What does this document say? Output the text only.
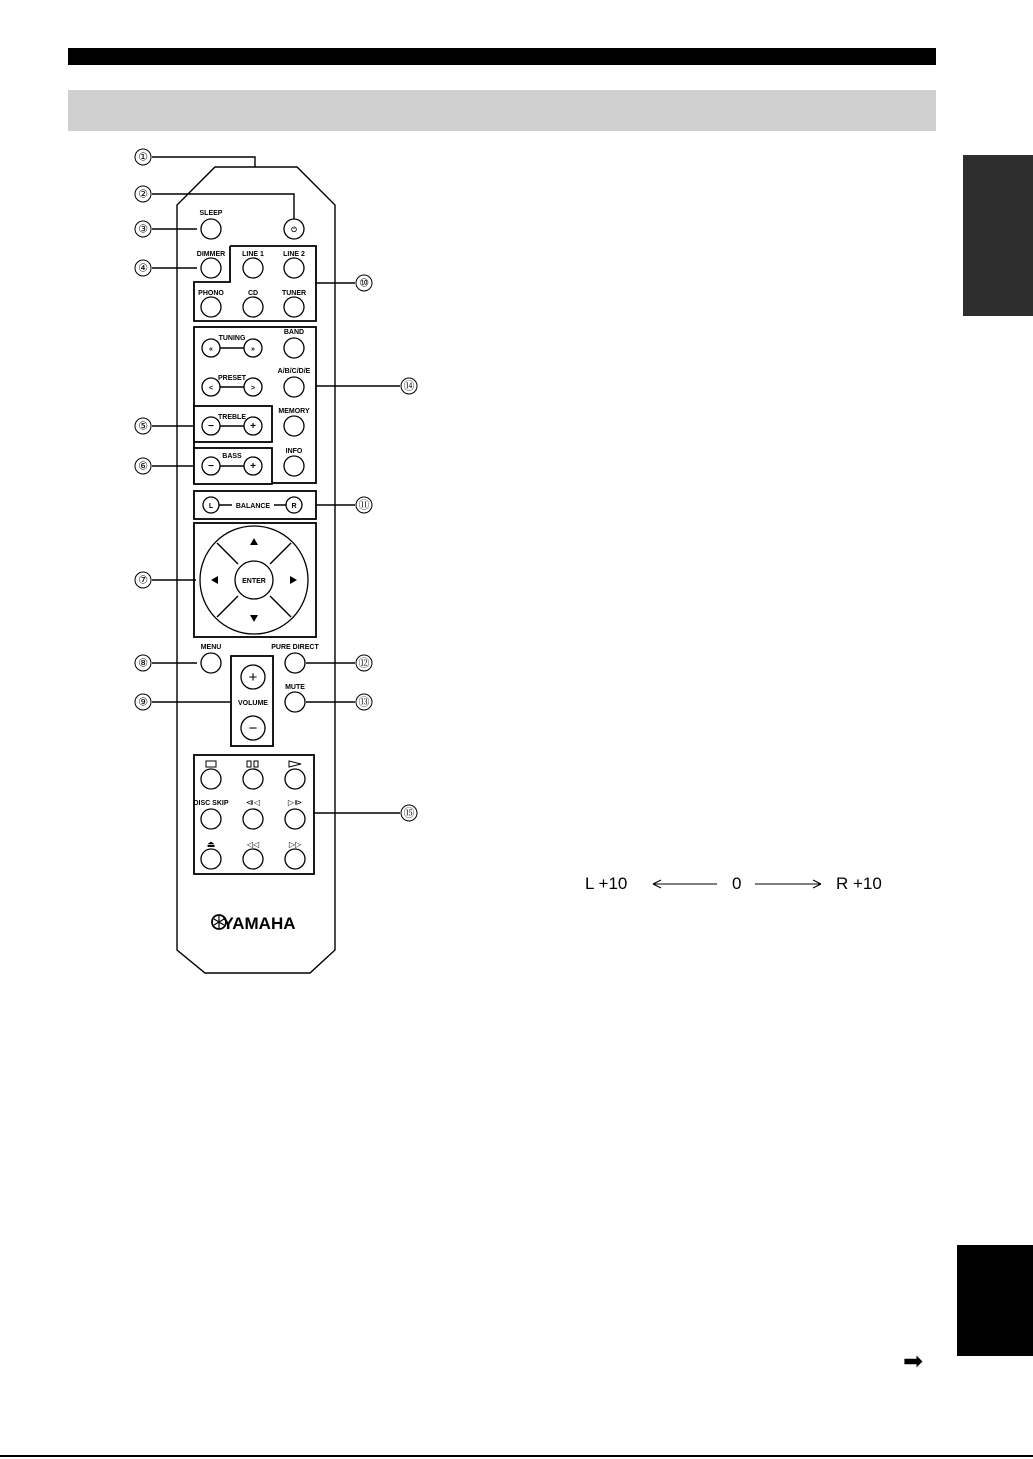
➡
①
②
③
④
⑤
⑥
⑦
⑧
⑨
⑩
⑪
⑫
⑬
⑭
⑮
⏻
SLEEP
DIMMER LINE 1	LINE 2
PHONO	CD	TUNER
TUNING
«	»
BAND
PRESET
<	>
A/B/C/D/E
TREBLE
−	+
MEMORY
BASS
−	+
INFO
BALANCE
L	R
ENTER
MENU	PURE DIRECT
+
VOLUME
−
MUTE
DISC SKIP ⧏◁	▷⧐
⏏	◁◁	▷▷
YAMAHA
L +10	0	R +10
